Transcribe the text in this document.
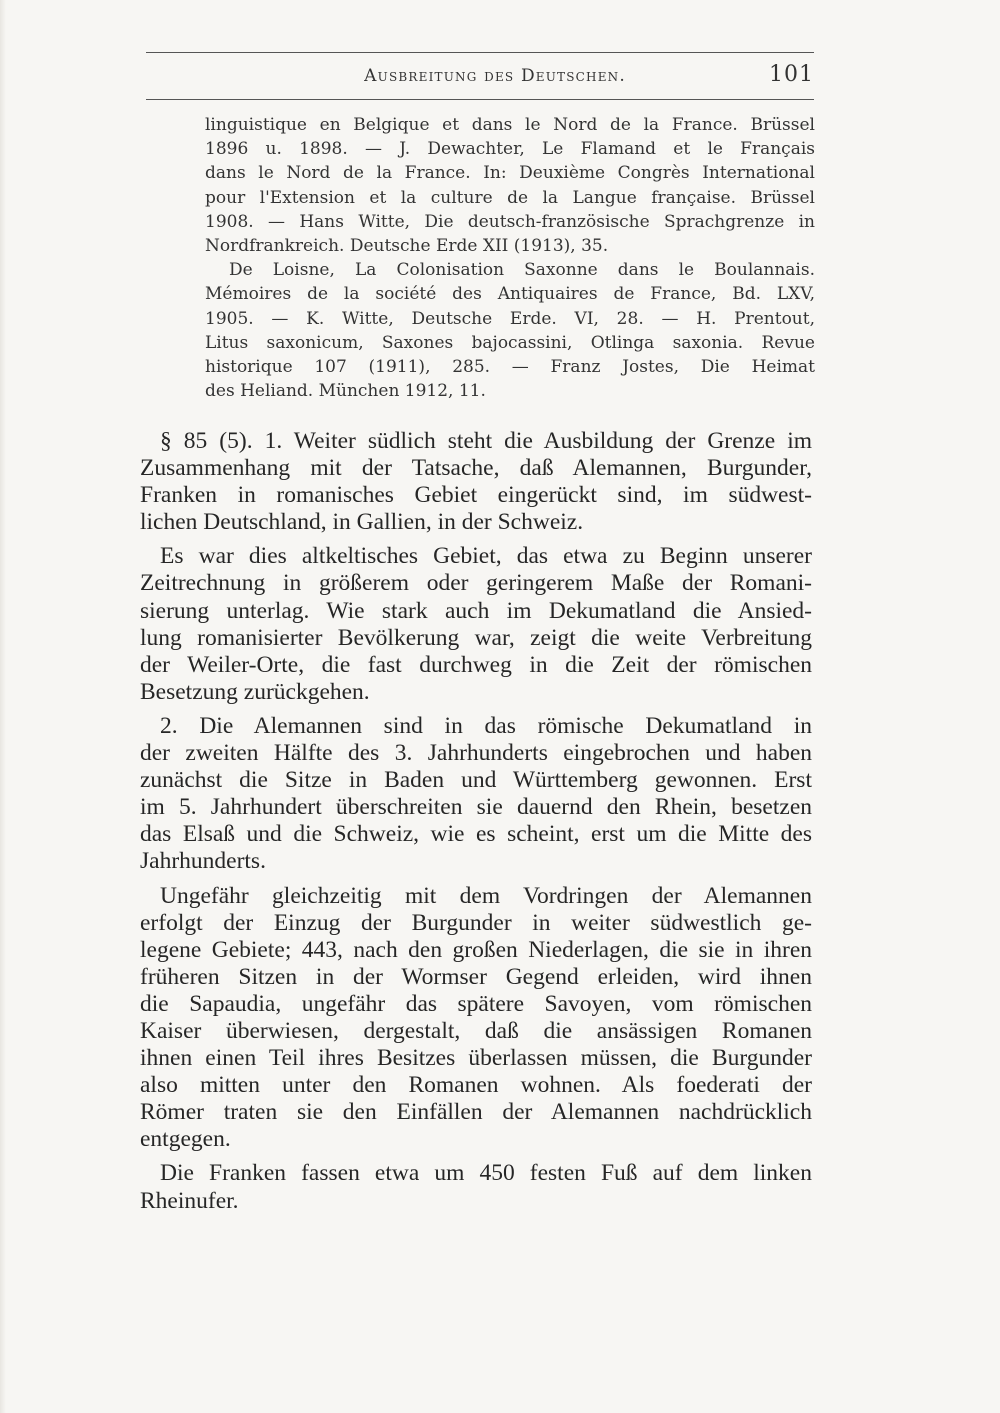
Ausbreitung des Deutschen.	101
linguistique en Belgique et dans le Nord de la France. Brüssel
1896 u. 1898. — J. Dewachter, Le Flamand et le Français
dans le Nord de la France. In: Deuxième Congrès International
pour l'Extension et la culture de la Langue française. Brüssel
1908. — Hans Witte, Die deutsch-französische Sprachgrenze in
Nordfrankreich. Deutsche Erde XII (1913), 35.
De Loisne, La Colonisation Saxonne dans le Boulannais.
Mémoires de la société des Antiquaires de France, Bd. LXV,
1905. — K. Witte, Deutsche Erde. VI, 28. — H. Prentout,
Litus saxonicum, Saxones bajocassini, Otlinga saxonia. Revue
historique 107 (1911), 285. — Franz Jostes, Die Heimat
des Heliand. München 1912, 11.
§ 85 (5). 1. Weiter südlich steht die Ausbildung der Grenze im
Zusammenhang mit der Tatsache, daß Alemannen, Burgunder,
Franken in romanisches Gebiet eingerückt sind, im südwest-
lichen Deutschland, in Gallien, in der Schweiz.
Es war dies altkeltisches Gebiet, das etwa zu Beginn unserer
Zeitrechnung in größerem oder geringerem Maße der Romani-
sierung unterlag. Wie stark auch im Dekumatland die Ansied-
lung romanisierter Bevölkerung war, zeigt die weite Verbreitung
der Weiler-Orte, die fast durchweg in die Zeit der römischen
Besetzung zurückgehen.
2. Die Alemannen sind in das römische Dekumatland in
der zweiten Hälfte des 3. Jahrhunderts eingebrochen und haben
zunächst die Sitze in Baden und Württemberg gewonnen. Erst
im 5. Jahrhundert überschreiten sie dauernd den Rhein, besetzen
das Elsaß und die Schweiz, wie es scheint, erst um die Mitte des
Jahrhunderts.
Ungefähr gleichzeitig mit dem Vordringen der Alemannen
erfolgt der Einzug der Burgunder in weiter südwestlich ge-
legene Gebiete; 443, nach den großen Niederlagen, die sie in ihren
früheren Sitzen in der Wormser Gegend erleiden, wird ihnen
die Sapaudia, ungefähr das spätere Savoyen, vom römischen
Kaiser überwiesen, dergestalt, daß die ansässigen Romanen
ihnen einen Teil ihres Besitzes überlassen müssen, die Burgunder
also mitten unter den Romanen wohnen. Als foederati der
Römer traten sie den Einfällen der Alemannen nachdrücklich
entgegen.
Die Franken fassen etwa um 450 festen Fuß auf dem linken
Rheinufer.
